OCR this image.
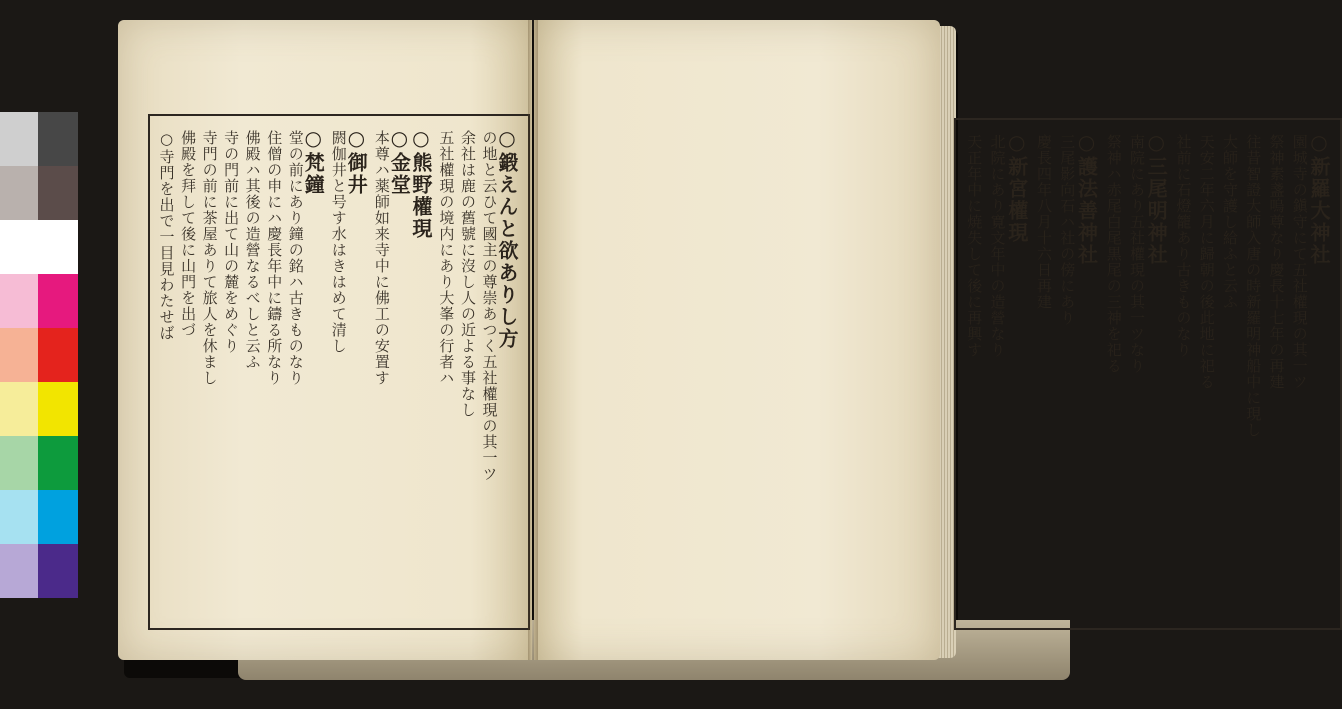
○鍛えんと欲ありし方
の地と云ひて國主の尊崇あつく五社權現の其一ツ
余社は鹿の舊號に沒し人の近よる事なし
五社權現の境内にあり大峯の行者ハ
○熊野權現
○金堂
本尊ハ薬師如来寺中に佛工の安置す
○御井
閼伽井と号す水はきはめて清し
○梵鐘
堂の前にあり鐘の銘ハ古きものなり
住僧の申にハ慶長年中に鑄る所なり
佛殿ハ其後の造營なるべしと云ふ
寺の門前に出て山の麓をめぐり
寺門の前に茶屋ありて旅人を休まし
佛殿を拜して後に山門を出づ
○寺門を出で一目見わたせば	○新羅大神社
園城寺の鎭守にて五社權現の其一ツ
祭神素盞嗚尊なり慶長十七年の再建
往昔智證大師入唐の時新羅明神船中に現し
大師を守護し給ふと云ふ
天安二年六月に歸朝の後此地に祀る
社前に石燈籠あり古きものなり
○三尾明神社
南院にあり五社權現の其一ツなり
祭神ハ赤尾白尾黒尾の三神を祀る
○護法善神社
三尾影向石ハ社の傍にあり
慶長四年八月十六日再建
○新宮權現
北院にあり寛文年中の造營なり
天正年中に焼失して後に再興す
